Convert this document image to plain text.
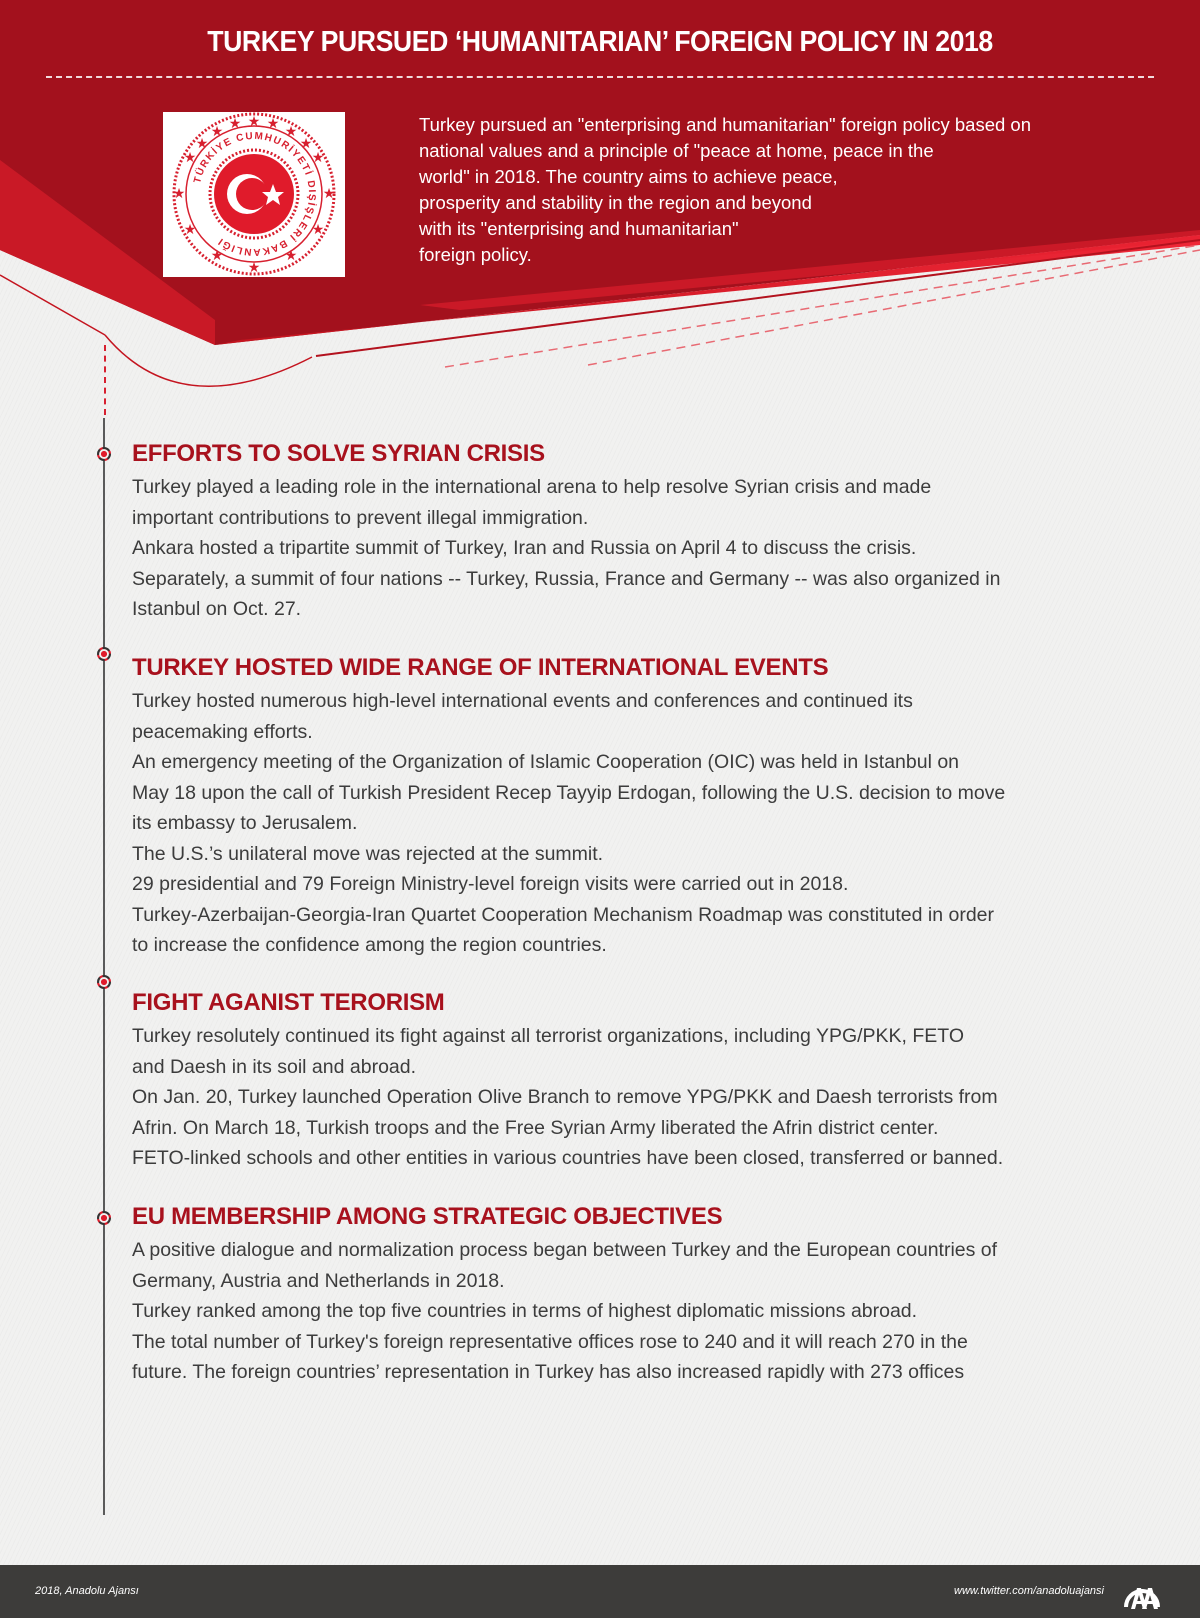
TURKEY PURSUED ‘HUMANITARIAN’ FOREIGN POLICY IN 2018
TÜRKİYE CUMHURİYETİ DIŞİŞLERİ BAKANLIĞI
★
★
★
★
★
★
★
★
★
★
★
★	★
★
★
★
Turkey pursued an "enterprising and humanitarian" foreign policy based on
national values and a principle of "peace at home, peace in the
world" in 2018. The country aims to achieve peace,
prosperity and stability in the region and beyond
with its "enterprising and humanitarian"
foreign policy.
EFFORTS TO SOLVE SYRIAN CRISIS
Turkey played a leading role in the international arena to help resolve Syrian crisis and made
important contributions to prevent illegal immigration.
Ankara hosted a tripartite summit of Turkey, Iran and Russia on April 4 to discuss the crisis.
Separately, a summit of four nations -- Turkey, Russia, France and Germany -- was also organized in
Istanbul on Oct. 27.
TURKEY HOSTED WIDE RANGE OF INTERNATIONAL EVENTS
Turkey hosted numerous high-level international events and conferences and continued its
peacemaking efforts.
An emergency meeting of the Organization of Islamic Cooperation (OIC) was held in Istanbul on
May 18 upon the call of Turkish President Recep Tayyip Erdogan, following the U.S. decision to move
its embassy to Jerusalem.
The U.S.’s unilateral move was rejected at the summit.
29 presidential and 79 Foreign Ministry-level foreign visits were carried out in 2018.
Turkey-Azerbaijan-Georgia-Iran Quartet Cooperation Mechanism Roadmap was constituted in order
to increase the confidence among the region countries.
FIGHT AGANIST TERORISM
Turkey resolutely continued its fight against all terrorist organizations, including YPG/PKK, FETO
and Daesh in its soil and abroad.
On Jan. 20, Turkey launched Operation Olive Branch to remove YPG/PKK and Daesh terrorists from
Afrin. On March 18, Turkish troops and the Free Syrian Army liberated the Afrin district center.
FETO-linked schools and other entities in various countries have been closed, transferred or banned.
EU MEMBERSHIP AMONG STRATEGIC OBJECTIVES
A positive dialogue and normalization process began between Turkey and the European countries of
Germany, Austria and Netherlands in 2018.
Turkey ranked among the top five countries in terms of highest diplomatic missions abroad.
The total number of Turkey's foreign representative offices rose to 240 and it will reach 270 in the
future. The foreign countries’ representation in Turkey has also increased rapidly with 273 offices
2018, Anadolu Ajansı	www.twitter.com/anadoluajansi
